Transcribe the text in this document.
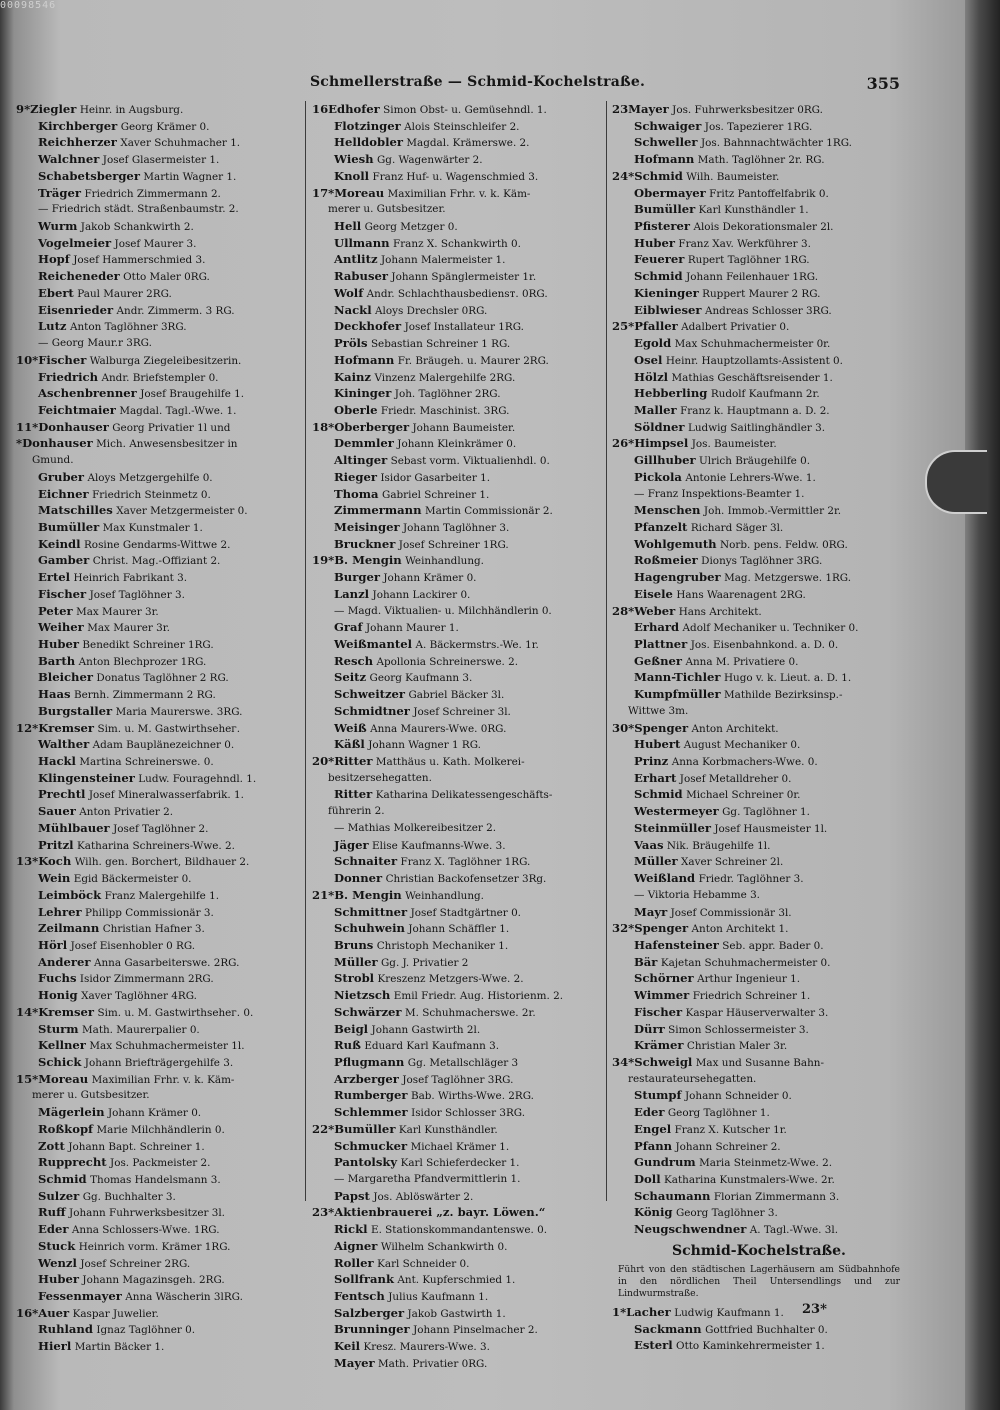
Schmellerstraße — Schmid-Kochelstraße.	355
9*Ziegler Heinr. in Augsburg.
Kirchberger Georg Krämer 0.
Reichherzer Xaver Schuhmacher 1.
Walchner Josef Glasermeister 1.
Schabetsberger Martin Wagner 1.
Träger Friedrich Zimmermann 2.
— Friedrich städt. Straßenbaumstr. 2.
Wurm Jakob Schankwirth 2.
Vogelmeier Josef Maurer 3.
Hopf Josef Hammerschmied 3.
Reicheneder Otto Maler 0RG.
Ebert Paul Maurer 2RG.
Eisenrieder Andr. Zimmerm. 3 RG.
Lutz Anton Taglöhner 3RG.
— Georg Maur.r 3RG.
10*Fischer Walburga Ziegeleibesitzerin.
Friedrich Andr. Briefstempler 0.
Aschenbrenner Josef Braugehilfe 1.
Feichtmaier Magdal. Tagl.-Wwe. 1.
11*Donhauser Georg Privatier 1l und
*Donhauser Mich. Anwesensbesitzer in
Gmund.
Gruber Aloys Metzgergehilfe 0.
Eichner Friedrich Steinmetz 0.
Matschilles Xaver Metzgermeister 0.
Bumüller Max Kunstmaler 1.
Keindl Rosine Gendarms-Wittwe 2.
Gamber Christ. Mag.-Offiziant 2.
Ertel Heinrich Fabrikant 3.
Fischer Josef Taglöhner 3.
Peter Max Maurer 3r.
Weiher Max Maurer 3r.
Huber Benedikt Schreiner 1RG.
Barth Anton Blechprozer 1RG.
Bleicher Donatus Taglöhner 2 RG.
Haas Bernh. Zimmermann 2 RG.
Burgstaller Maria Maurerswe. 3RG.
12*Kremser Sim. u. M. Gastwirthsehег.
Walther Adam Bauplänezeichner 0.
Hackl Martina Schreinerswe. 0.
Klingensteiner Ludw. Fouragehndl. 1.
Prechtl Josef Mineralwasserfabrik. 1.
Sauer Anton Privatier 2.
Mühlbauer Josef Taglöhner 2.
Pritzl Katharina Schreiners-Wwe. 2.
13*Koch Wilh. gen. Borchert, Bildhauer 2.
Wein Egid Bäckermeister 0.
Leimböck Franz Malergehilfe 1.
Lehrer Philipp Commissionär 3.
Zeilmann Christian Hafner 3.
Hörl Josef Eisenhobler 0 RG.
Anderer Anna Gasarbeiterswe. 2RG.
Fuchs Isidor Zimmermann 2RG.
Honig Xaver Taglöhner 4RG.
14*Kremser Sim. u. M. Gastwirthsehег. 0.
Sturm Math. Maurerpalier 0.
Kellner Max Schuhmachermeister 1l.
Schick Johann Briefträgergehilfe 3.
15*Moreau Maximilian Frhr. v. k. Käm-
merer u. Gutsbesitzer.
Mägerlein Johann Krämer 0.
Roßkopf Marie Milchhändlerin 0.
Zott Johann Bapt. Schreiner 1.
Rupprecht Jos. Packmeister 2.
Schmid Thomas Handelsmann 3.
Sulzer Gg. Buchhalter 3.
Ruff Johann Fuhrwerksbesitzer 3l.
Eder Anna Schlossers-Wwe. 1RG.
Stuck Heinrich vorm. Krämer 1RG.
Wenzl Josef Schreiner 2RG.
Huber Johann Magazinsgeh. 2RG.
Fessenmayer Anna Wäscherin 3lRG.
16*Auer Kaspar Juwelier.
Ruhland Ignaz Taglöhner 0.
Hierl Martin Bäcker 1.
16Edhofer Simon Obst- u. Gemüsehndl. 1.
Flotzinger Alois Steinschleifer 2.
Helldobler Magdal. Krämerswe. 2.
Wiesh Gg. Wagenwärter 2.
Knoll Franz Huf- u. Wagenschmied 3.
17*Moreau Maximilian Frhr. v. k. Käm-
merer u. Gutsbesitzer.
Hell Georg Metzger 0.
Ullmann Franz X. Schankwirth 0.
Antlitz Johann Malermeister 1.
Rabuser Johann Spänglermeister 1r.
Wolf Andr. Schlachthausbediensт. 0RG.
Nackl Aloys Drechsler 0RG.
Deckhofer Josef Installateur 1RG.
Pröls Sebastian Schreiner 1 RG.
Hofmann Fr. Bräugeh. u. Maurer 2RG.
Kainz Vinzenz Malergehilfe 2RG.
Kininger Joh. Taglöhner 2RG.
Oberle Friedr. Maschinist. 3RG.
18*Oberberger Johann Baumeister.
Demmler Johann Kleinkrämer 0.
Altinger Sebast vorm. Viktualienhdl. 0.
Rieger Isidor Gasarbeiter 1.
Thoma Gabriel Schreiner 1.
Zimmermann Martin Commissionär 2.
Meisinger Johann Taglöhner 3.
Bruckner Josef Schreiner 1RG.
19*B. Mengin Weinhandlung.
Burger Johann Krämer 0.
Lanzl Johann Lackirer 0.
— Magd. Viktualien- u. Milchhändlerin 0.
Graf Johann Maurer 1.
Weißmantel A. Bäckermstrs.-We. 1r.
Resch Apollonia Schreinerswe. 2.
Seitz Georg Kaufmann 3.
Schweitzer Gabriel Bäcker 3l.
Schmidtner Josef Schreiner 3l.
Weiß Anna Maurers-Wwe. 0RG.
Käßl Johann Wagner 1 RG.
20*Ritter Matthäus u. Kath. Molkerei-
besitzersehegatten.
Ritter Katharina Delikatessengeschäfts-
führerin 2.
— Mathias Molkereibesitzer 2.
Jäger Elise Kaufmanns-Wwe. 3.
Schnaiter Franz X. Taglöhner 1RG.
Donner Christian Backofensetzer 3Rg.
21*B. Mengin Weinhandlung.
Schmittner Josef Stadtgärtner 0.
Schuhwein Johann Schäffler 1.
Bruns Christoph Mechaniker 1.
Müller Gg. J. Privatier 2
Strobl Kreszenz Metzgers-Wwe. 2.
Nietzsch Emil Friedr. Aug. Historienm. 2.
Schwärzer M. Schuhmacherswe. 2r.
Beigl Johann Gastwirth 2l.
Ruß Eduard Karl Kaufmann 3.
Pflugmann Gg. Metallschläger 3
Arzberger Josef Taglöhner 3RG.
Rumberger Bab. Wirths-Wwe. 2RG.
Schlemmer Isidor Schlosser 3RG.
22*Bumüller Karl Kunsthändler.
Schmucker Michael Krämer 1.
Pantolsky Karl Schieferdecker 1.
— Margaretha Pfandvermittlerin 1.
Papst Jos. Ablöswärter 2.
23*Aktienbrauerei „z. bayr. Löwen.“
Rickl E. Stationskommandantenswe. 0.
Aigner Wilhelm Schankwirth 0.
Roller Karl Schneider 0.
Sollfrank Ant. Kupferschmied 1.
Fentsch Julius Kaufmann 1.
Salzberger Jakob Gastwirth 1.
Brunninger Johann Pinselmacher 2.
Keil Kresz. Maurers-Wwe. 3.
Mayer Math. Privatier 0RG.
23Mayer Jos. Fuhrwerksbesitzer 0RG.
Schwaiger Jos. Tapezierer 1RG.
Schweller Jos. Bahnnachtwächter 1RG.
Hofmann Math. Taglöhner 2r. RG.
24*Schmid Wilh. Baumeister.
Obermayer Fritz Pantoffelfabrik 0.
Bumüller Karl Kunsthändler 1.
Pfisterer Alois Dekorationsmaler 2l.
Huber Franz Xav. Werkführer 3.
Feuerer Rupert Taglöhner 1RG.
Schmid Johann Feilenhauer 1RG.
Kieninger Ruppert Maurer 2 RG.
Eiblwieser Andreas Schlosser 3RG.
25*Pfaller Adalbert Privatier 0.
Egold Max Schuhmachermeister 0r.
Osel Heinr. Hauptzollamts-Assistent 0.
Hölzl Mathias Geschäftsreisender 1.
Hebberling Rudolf Kaufmann 2r.
Maller Franz k. Hauptmann a. D. 2.
Söldner Ludwig Saitlinghändler 3.
26*Himpsel Jos. Baumeister.
Gillhuber Ulrich Bräugehilfe 0.
Pickola Antonie Lehrers-Wwe. 1.
— Franz Inspektions-Beamter 1.
Menschen Joh. Immob.-Vermittler 2r.
Pfanzelt Richard Säger 3l.
Wohlgemuth Norb. pens. Feldw. 0RG.
Roßmeier Dionys Taglöhner 3RG.
Hagengruber Mag. Metzgerswe. 1RG.
Eisele Hans Waarenagent 2RG.
28*Weber Hans Architekt.
Erhard Adolf Mechaniker u. Techniker 0.
Plattner Jos. Eisenbahnkond. a. D. 0.
Geßner Anna M. Privatiere 0.
Mann-Tichler Hugo v. k. Lieut. a. D. 1.
Kumpfmüller Mathilde Bezirksinsp.-
Wittwe 3m.
30*Spenger Anton Architekt.
Hubert August Mechaniker 0.
Prinz Anna Korbmachers-Wwe. 0.
Erhart Josef Metalldreher 0.
Schmid Michael Schreiner 0r.
Westermeyer Gg. Taglöhner 1.
Steinmüller Josef Hausmeister 1l.
Vaas Nik. Bräugehilfe 1l.
Müller Xaver Schreiner 2l.
Weißland Friedr. Taglöhner 3.
— Viktoria Hebamme 3.
Mayr Josef Commissionär 3l.
32*Spenger Anton Architekt 1.
Hafensteiner Seb. appr. Bader 0.
Bär Kajetan Schuhmachermeister 0.
Schörner Arthur Ingenieur 1.
Wimmer Friedrich Schreiner 1.
Fischer Kaspar Häuserverwalter 3.
Dürr Simon Schlossermeister 3.
Krämer Christian Maler 3r.
34*Schweigl Max und Susanne Bahn-
restaurateursehegatten.
Stumpf Johann Schneider 0.
Eder Georg Taglöhner 1.
Engel Franz X. Kutscher 1r.
Pfann Johann Schreiner 2.
Gundrum Maria Steinmetz-Wwe. 2.
Doll Katharina Kunstmalers-Wwe. 2r.
Schaumann Florian Zimmermann 3.
König Georg Taglöhner 3.
Neugschwendner A. Tagl.-Wwe. 3l.
Schmid-Kochelstraße.
Führt von den städtischen Lagerhäusern am Südbahnhofe in den nördlichen Theil Untersendlings und zur Lindwurmstraße.
1*Lacher Ludwig Kaufmann 1.
Sackmann Gottfried Buchhalter 0.
Esterl Otto Kaminkehrermeister 1.
23*
00098546
